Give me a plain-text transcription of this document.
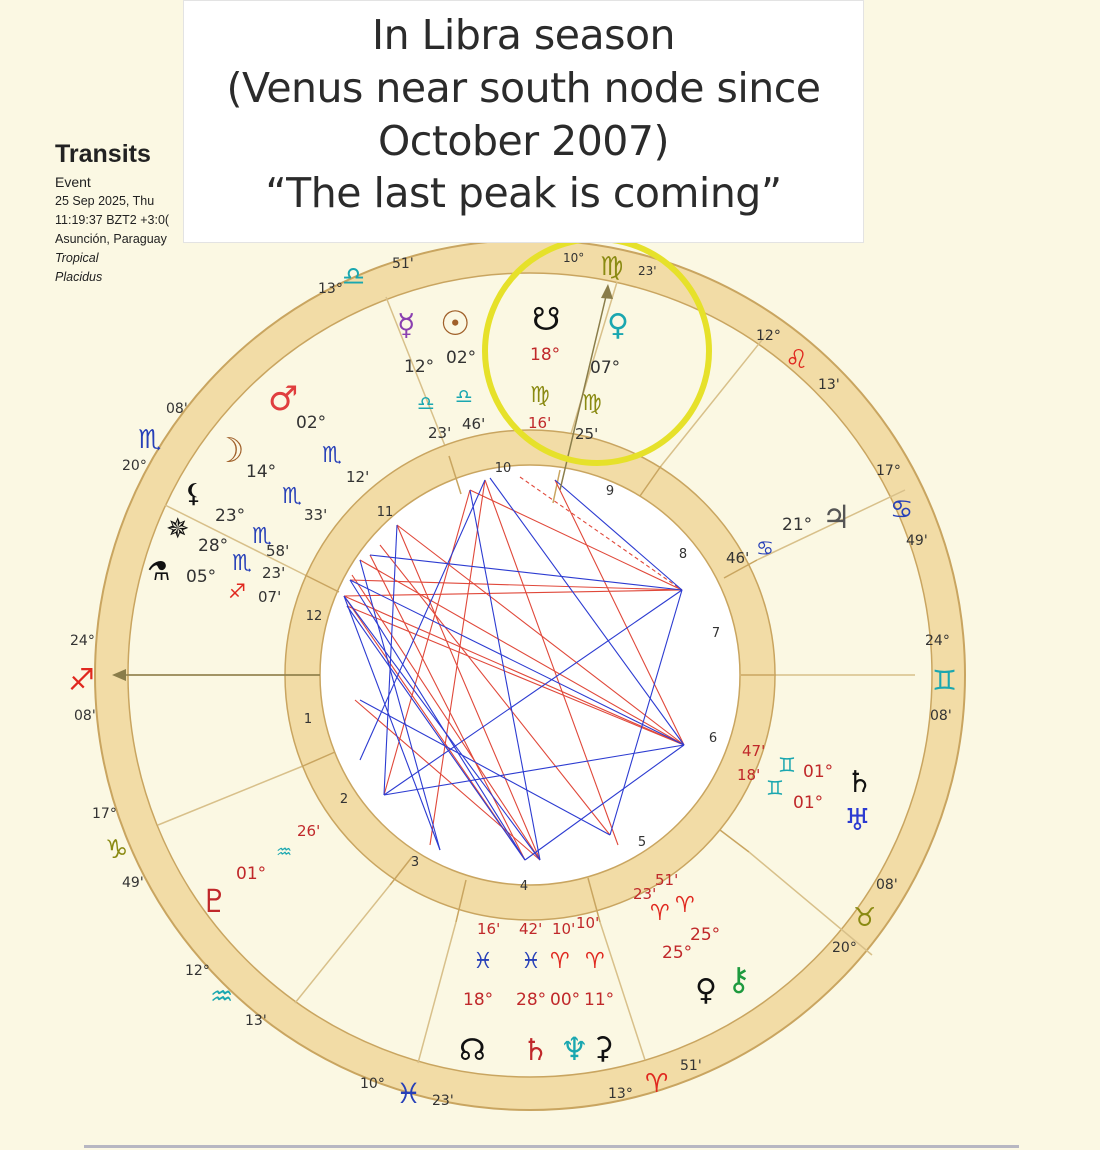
1
2
3
4
5
6
7
8
9
10
11
12
24°
♐
08'
17°
♑
49'
12°
♒
13'
10° ♓ 23'	13° ♈
51'
20°
♉
08'
24°
♊
08'
17°
♋
49'
12°
♌
13'
10° ♍ 23'
13° ♎ 51'
08'
♏
20°
☿
12°
♎
23'
☉
02°
♎
46'
☋
18°
♍
16'
♀
07°
♍
25'
♂
02°
♏
12'
☽
14°
♏
33'
⚸
23°
♏
58'
✵
28°
♏ 23'
⚗ 05°
♐ 07'
♃
21°
♋
46'
♄
01°
♊
47'
♅
01°
♊
18'
♇
01°
♒
26'
☊
18°
♓
16'
♄
28°
♓
42'
♆
00°
♈
10'
⚳
11°
♈
10'
⚷
25°
♈
51'
♀
25°
♈
23'
Transits
Event
25 Sep 2025, Thu
11:19:37 BZT2 +3:0(
Asunción, Paraguay
Tropical
Placidus
In Libra season
(Venus near south node since
October 2007)
“The last peak is coming”
